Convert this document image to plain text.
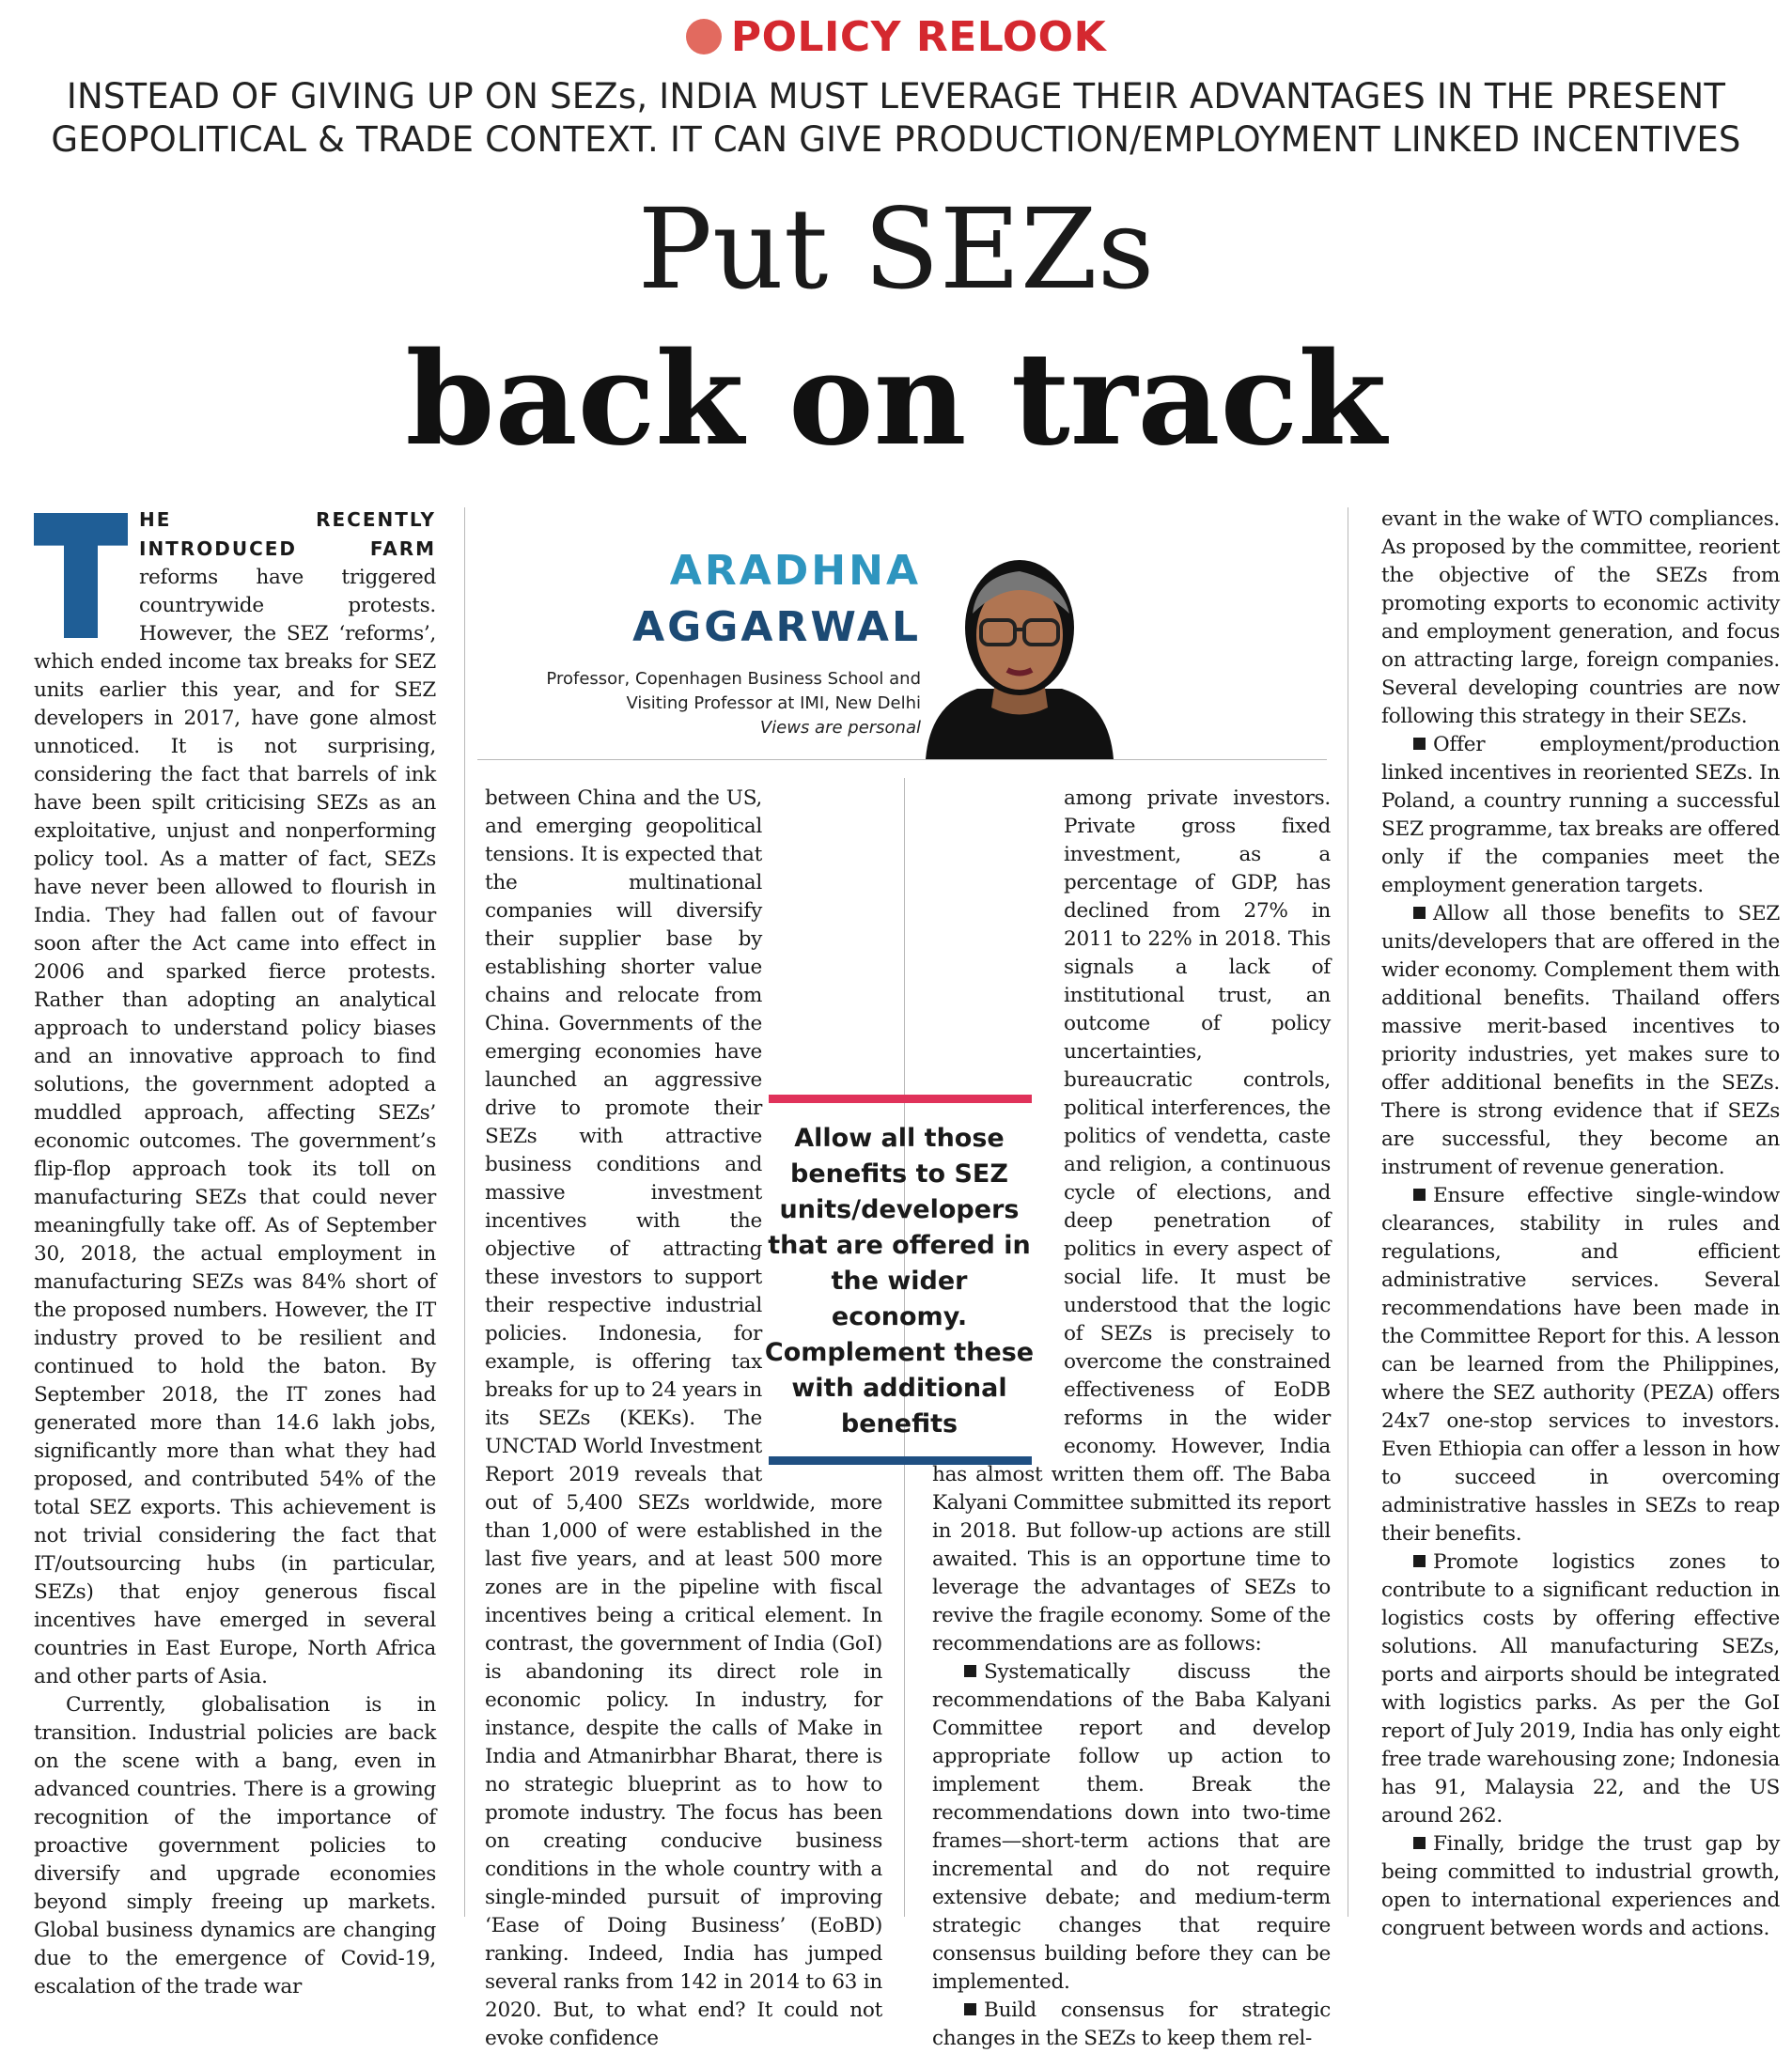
POLICY RELOOK
INSTEAD OF GIVING UP ON SEZs, INDIA MUST LEVERAGE THEIR ADVANTAGES IN THE PRESENT
GEOPOLITICAL & TRADE CONTEXT. IT CAN GIVE PRODUCTION/EMPLOYMENT LINKED INCENTIVES
Put SEZs
back on track
ARADHNA
AGGARWAL
Professor, Copenhagen Business School and
Visiting Professor at IMI, New Delhi
Views are personal
Allow all those benefits to SEZ units/developers that are offered in the wider economy. Complement these with additional benefits

HE RECENTLY INTRODUCED FARM reforms have triggered countrywide protests. However, the SEZ ‘reforms’, which ended income tax breaks for SEZ units earlier this year, and for SEZ developers in 2017, have gone almost unnoticed. It is not surprising, considering the fact that barrels of ink have been spilt criticising SEZs as an exploitative, unjust and nonperforming policy tool. As a matter of fact, SEZs have never been allowed to flourish in India. They had fallen out of favour soon after the Act came into effect in 2006 and sparked fierce protests. Rather than adopting an analytical approach to understand policy biases and an innovative approach to find solutions, the government adopted a muddled approach, affecting SEZs’ economic outcomes. The government’s flip-flop approach took its toll on manufacturing SEZs that could never meaningfully take off. As of September 30, 2018, the actual employment in manufacturing SEZs was 84% short of the proposed numbers. However, the IT industry proved to be resilient and continued to hold the baton. By September 2018, the IT zones had generated more than 14.6 lakh jobs, significantly more than what they had proposed, and contributed 54% of the total SEZ exports. This achievement is not trivial considering the fact that IT/outsourcing hubs (in particular, SEZs) that enjoy generous fiscal incentives have emerged in several countries in East Europe, North Africa and other parts of Asia.

Currently, globalisation is in transition. Industrial policies are back on the scene with a bang, even in advanced countries. There is a growing recognition of the importance of proactive government policies to diversify and upgrade economies beyond simply freeing up markets. Global business dynamics are changing due to the emergence of Covid-19, escalation of the trade war

between China and the US, and emerging geopolitical tensions. It is expected that the multinational companies will diversify their supplier base by establishing shorter value chains and relocate from China. Governments of the emerging economies have launched an aggressive drive to promote their SEZs with attractive business conditions and massive investment incentives with the objective of attracting these investors to support their respective industrial policies. Indonesia, for example, is offering tax breaks for up to 24 years in its SEZs (KEKs). The UNCTAD World Investment Report 2019 reveals that out of 5,400 SEZs worldwide, more than 1,000 of were established in the last five years, and at least 500 more zones are in the pipeline with fiscal incentives being a critical element. In contrast, the government of India (GoI) is abandoning its direct role in economic policy. In industry, for instance, despite the calls of Make in India and Atmanirbhar Bharat, there is no strategic blueprint as to how to promote industry. The focus has been on creating conducive business conditions in the whole country with a single-minded pursuit of improving ‘Ease of Doing Business’ (EoBD) ranking. Indeed, India has jumped several ranks from 142 in 2014 to 63 in 2020. But, to what end? It could not evoke confidence

among private investors. Private gross fixed investment, as a percentage of GDP, has declined from 27% in 2011 to 22% in 2018. This signals a lack of institutional trust, an outcome of policy uncertainties, bureaucratic controls, political interferences, the politics of vendetta, caste and religion, a continuous cycle of elections, and deep penetration of politics in every aspect of social life. It must be understood that the logic of SEZs is precisely to overcome the constrained effectiveness of EoDB reforms in the wider economy. However, India has almost written them off. The Baba Kalyani Committee submitted its report in 2018. But follow-up actions are still awaited. This is an opportune time to leverage the advantages of SEZs to revive the fragile economy. Some of the recommendations are as follows:

Systematically discuss the recommendations of the Baba Kalyani Committee report and develop appropriate follow up action to implement them. Break the recommendations down into two-time frames—short-term actions that are incremental and do not require extensive debate; and medium-term strategic changes that require consensus building before they can be implemented.

Build consensus for strategic changes in the SEZs to keep them rel-

evant in the wake of WTO compliances. As proposed by the committee, reorient the objective of the SEZs from promoting exports to economic activity and employment generation, and focus on attracting large, foreign companies. Several developing countries are now following this strategy in their SEZs.

Offer employment/production linked incentives in reoriented SEZs. In Poland, a country running a successful SEZ programme, tax breaks are offered only if the companies meet the employment generation targets.

Allow all those benefits to SEZ units/developers that are offered in the wider economy. Complement them with additional benefits. Thailand offers massive merit-based incentives to priority industries, yet makes sure to offer additional benefits in the SEZs. There is strong evidence that if SEZs are successful, they become an instrument of revenue generation.

Ensure effective single-window clearances, stability in rules and regulations, and efficient administrative services. Several recommendations have been made in the Committee Report for this. A lesson can be learned from the Philippines, where the SEZ authority (PEZA) offers 24x7 one-stop services to investors. Even Ethiopia can offer a lesson in how to succeed in overcoming administrative hassles in SEZs to reap their benefits.

Promote logistics zones to contribute to a significant reduction in logistics costs by offering effective solutions. All manufacturing SEZs, ports and airports should be integrated with logistics parks. As per the GoI report of July 2019, India has only eight free trade warehousing zone; Indonesia has 91, Malaysia 22, and the US around 262.

Finally, bridge the trust gap by being committed to industrial growth, open to international experiences and congruent between words and actions.
